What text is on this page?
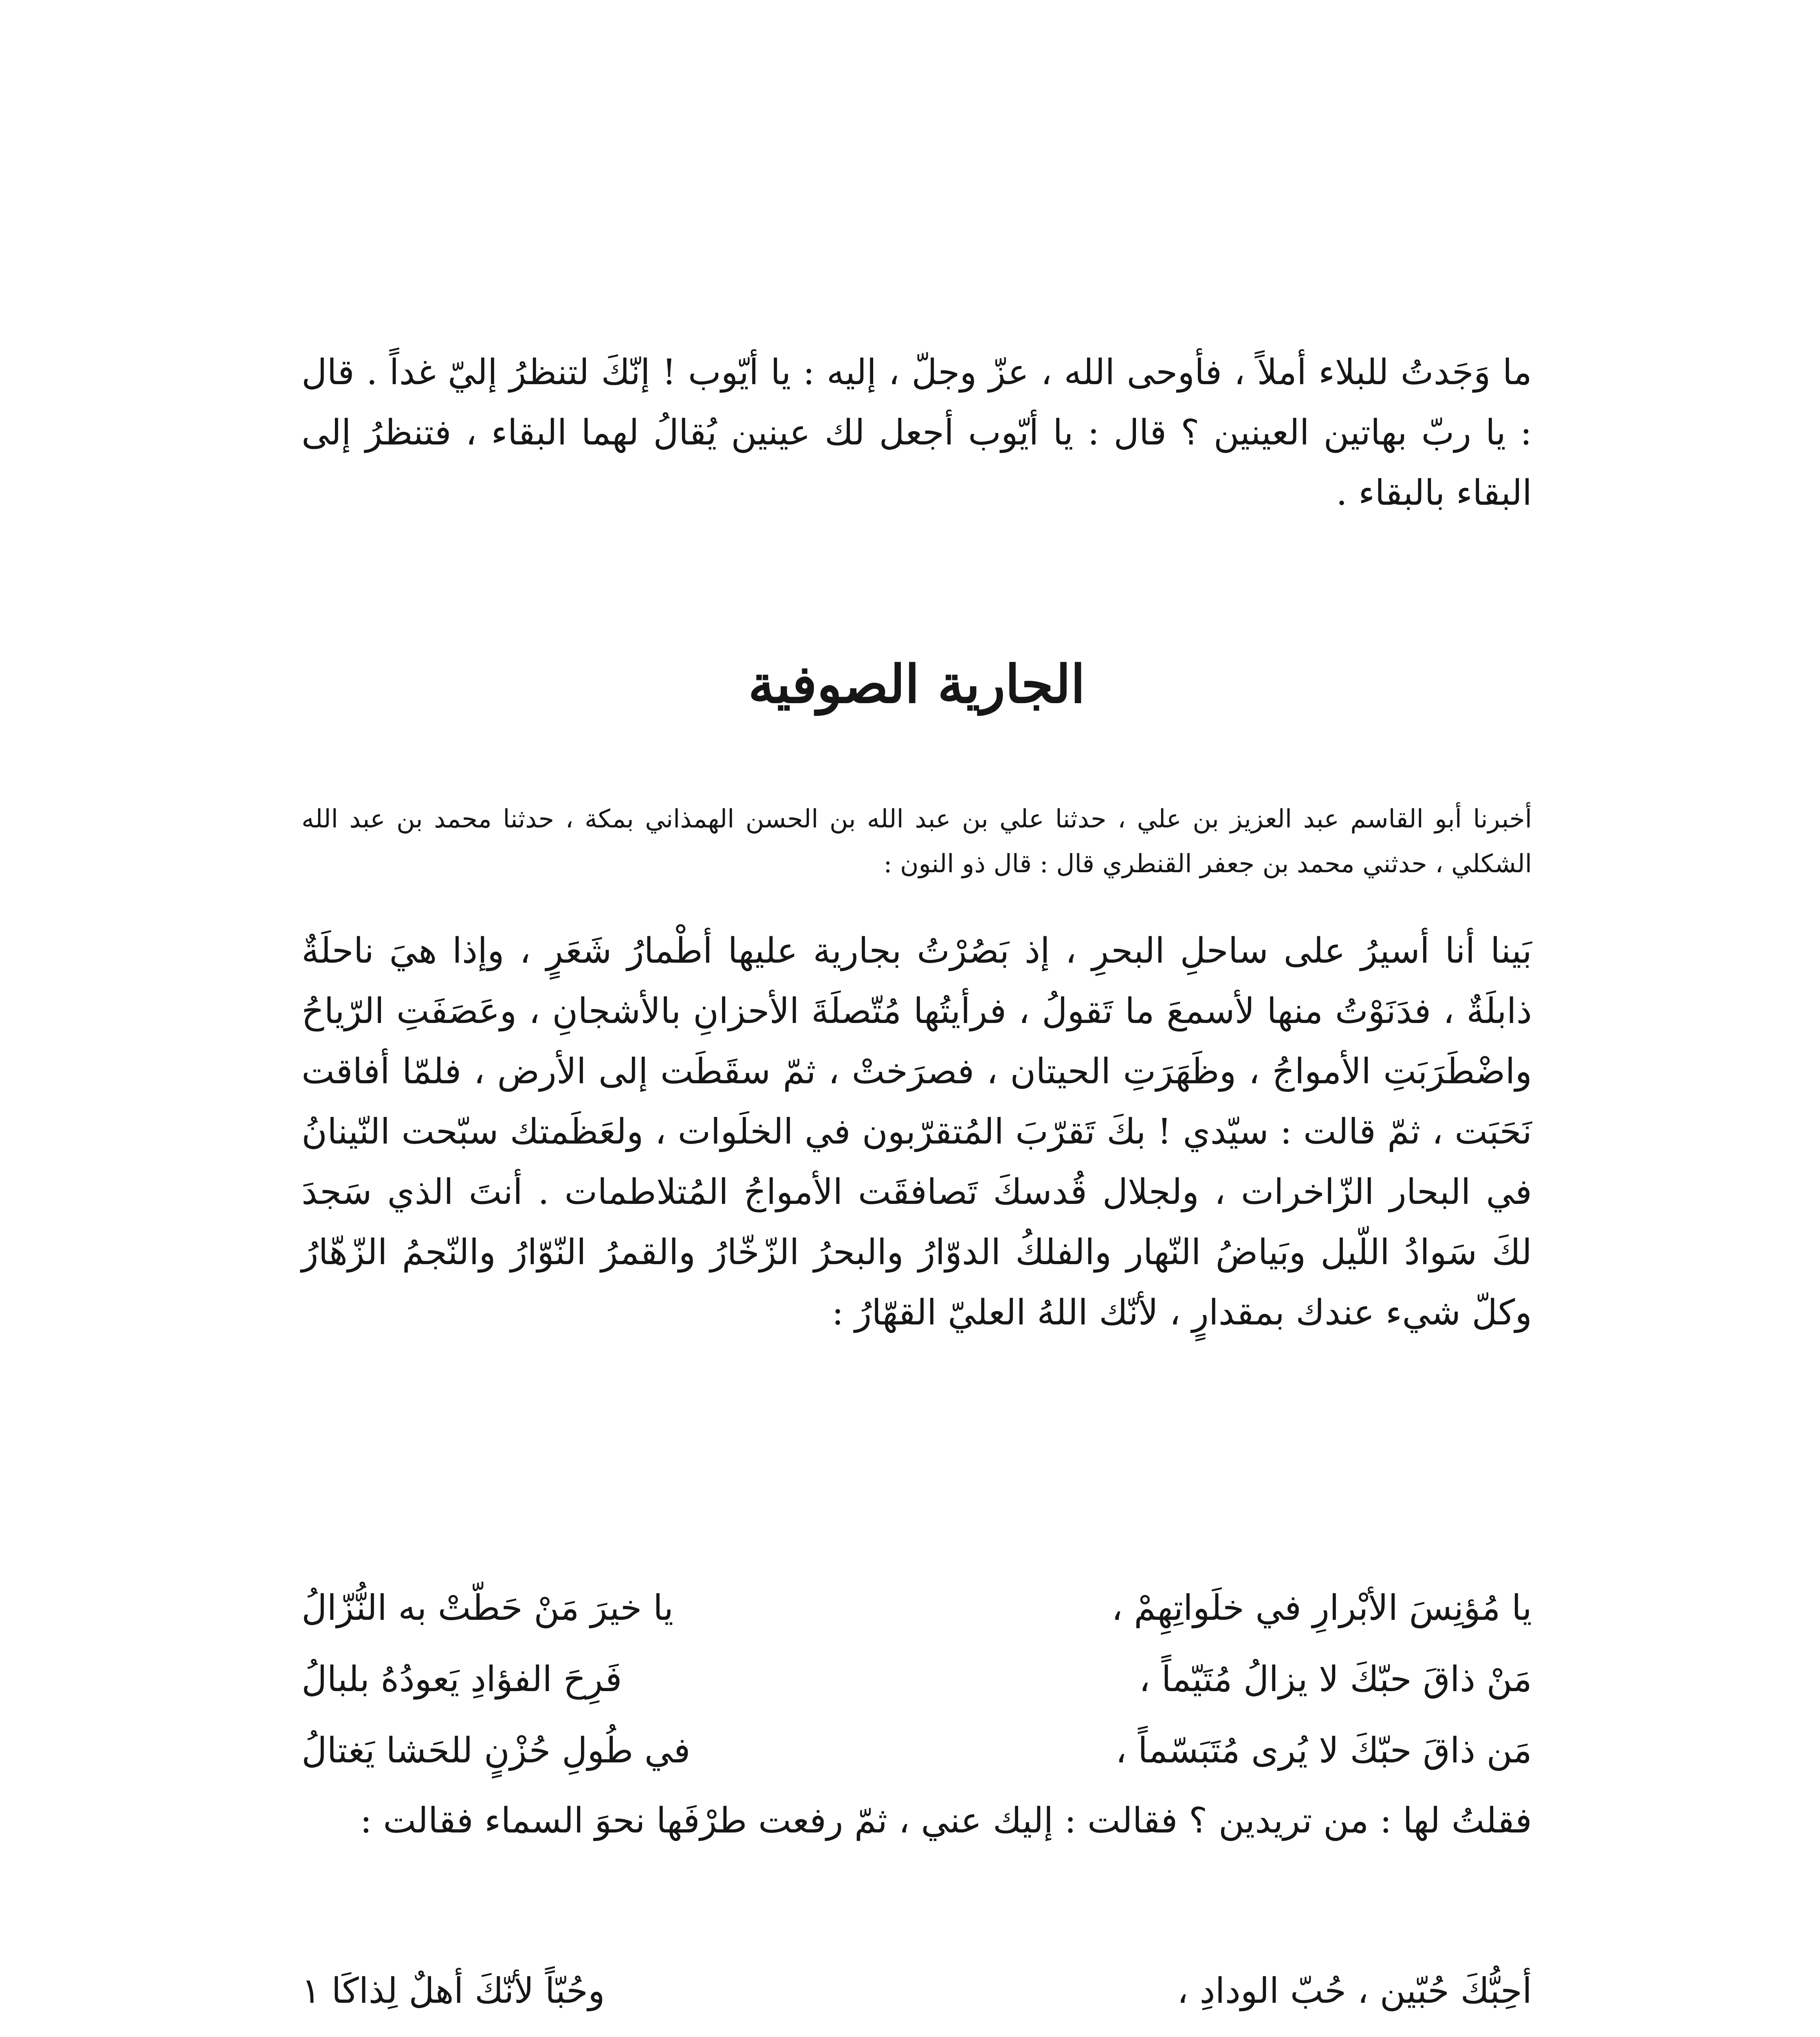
ما وَجَدتُ للبلاء أملاً ، فأوحى الله ، عزّ وجلّ ، إليه : يا أيّوب ! إنّكَ لتنظرُ إليّ غداً . قال : يا ربّ بهاتين العينين ؟ قال : يا أيّوب أجعل لك عينين يُقالُ لهما البقاء ، فتنظرُ إلى البقاء بالبقاء .

الجارية الصوفية

أخبرنا أبو القاسم عبد العزيز بن علي ، حدثنا علي بن عبد الله بن الحسن الهمذاني بمكة ، حدثنا محمد بن عبد الله الشكلي ، حدثني محمد بن جعفر القنطري قال : قال ذو النون :

بَينا أنا أسيرُ على ساحلِ البحرِ ، إذ بَصُرْتُ بجارية عليها أطْمارُ شَعَرٍ ، وإذا هيَ ناحلَةٌ ذابلَةٌ ، فدَنَوْتُ منها لأسمعَ ما تَقولُ ، فرأيتُها مُتّصلَةَ الأحزانِ بالأشجانِ ، وعَصَفَتِ الرّياحُ واضْطَرَبَتِ الأمواجُ ، وظَهَرَتِ الحيتان ، فصرَختْ ، ثمّ سقَطَت إلى الأرض ، فلمّا أفاقت نَحَبَت ، ثمّ قالت : سيّدي ! بكَ تَقرّبَ المُتقرّبون في الخلَوات ، ولعَظَمتك سبّحت النّينانُ في البحار الزّاخرات ، ولجلال قُدسكَ تَصافقَت الأمواجُ المُتلاطمات . أنتَ الذي سَجدَ لكَ سَوادُ اللّيل وبَياضُ النّهار والفلكُ الدوّارُ والبحرُ الزّخّارُ والقمرُ النّوّارُ والنّجمُ الزّهّارُ وكلّ شيء عندك بمقدارٍ ، لأنّك اللهُ العليّ القهّارُ :

يا مُؤنِسَ الأبْرارِ في خلَواتِهِمْ ،
يا خيرَ مَنْ حَطّتْ به النُّزّالُ
مَنْ ذاقَ حبّكَ لا يزالُ مُتَيّماً ،
فَرِحَ الفؤادِ يَعودُهُ بلبالُ
مَن ذاقَ حبّكَ لا يُرى مُتَبَسّماً ،
في طُولِ حُزْنٍ للحَشا يَغتالُ

فقلتُ لها : من تريدين ؟ فقالت : إليك عني ، ثمّ رفعت طرْفَها نحوَ السماء فقالت :

أحِبُّكَ حُبّين ، حُبّ الودادِ ،
وحُبّاً لأنّكَ أهلٌ لِذاكَا ١
